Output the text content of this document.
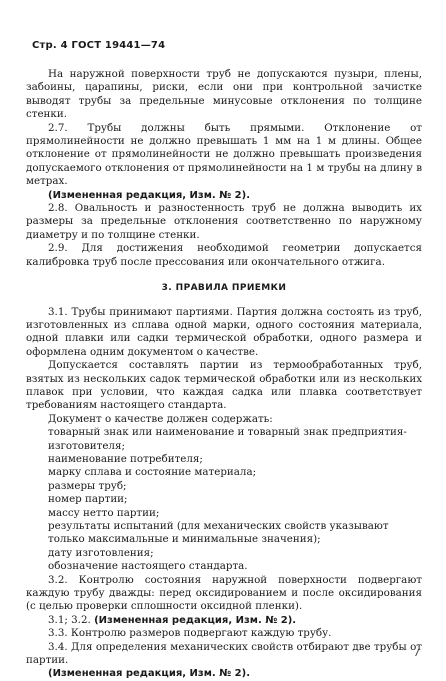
Стр. 4 ГОСТ 19441—74

На наружной поверхности труб не допускаются пузыри, плены, забоины, царапины, риски, если они при контрольной зачистке выводят трубы за предельные минусовые отклонения по толщине стенки.

2.7. Трубы должны быть прямыми. Отклонение от прямолинейности не должно превышать 1 мм на 1 м длины. Общее отклонение от прямолинейности не должно превышать произведения допускаемого отклонения от прямолинейности на 1 м трубы на длину в метрах.

(Измененная редакция, Изм. № 2).

2.8. Овальность и разностенность труб не должна выводить их размеры за предельные отклонения соответственно по наружному диаметру и по толщине стенки.

2.9. Для достижения необходимой геометрии допускается калибровка труб после прессования или окончательного отжига.

3. ПРАВИЛА ПРИЕМКИ

3.1. Трубы принимают партиями. Партия должна состоять из труб, изготовленных из сплава одной марки, одного состояния материала, одной плавки или садки термической обработки, одного размера и оформлена одним документом о качестве.

Допускается составлять партии из термообработанных труб, взятых из нескольких садок термической обработки или из нескольких плавок при условии, что каждая садка или плавка соответствует требованиям настоящего стандарта.

Документ о качестве должен содержать:

товарный знак или наименование и товарный знак предприятия-изготовителя;

наименование потребителя;

марку сплава и состояние материала;

размеры труб;

номер партии;

массу нетто партии;

результаты испытаний (для механических свойств указывают только максимальные и минимальные значения);

дату изготовления;

обозначение настоящего стандарта.

3.2. Контролю состояния наружной поверхности подвергают каждую трубу дважды: перед оксидированием и после оксидирования (с целью проверки сплошности оксидной пленки).

3.1; 3.2. (Измененная редакция, Изм. № 2).

3.3. Контролю размеров подвергают каждую трубу.

3.4. Для определения механических свойств отбирают две трубы от партии.

(Измененная редакция, Изм. № 2).
